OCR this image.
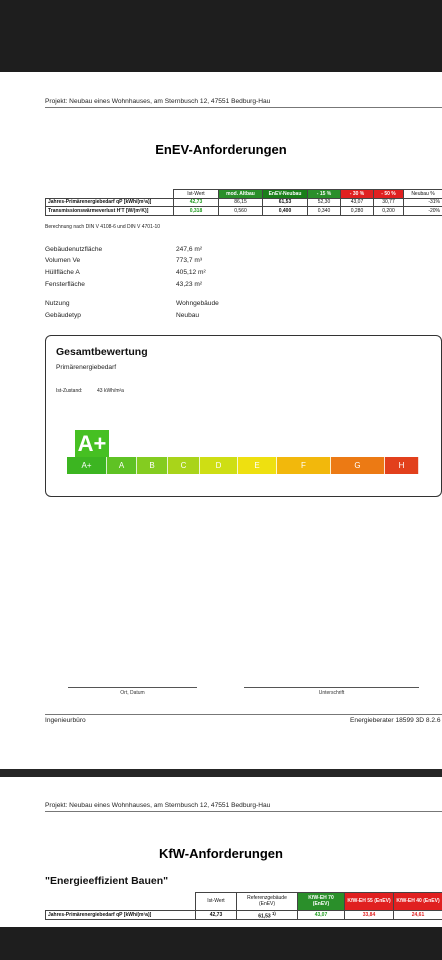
Projekt: Neubau eines Wohnhauses, am Sternbusch 12, 47551 Bedburg-Hau
EnEV-Anforderungen
	Ist-Wert	mod. Altbau	EnEV-Neubau	- 15 %	- 30 %	- 50 %	Neubau %
Jahres-Primärenergiebedarf qP [kWh/(m²a)]	42,73	86,15	61,53	52,30	43,07	30,77	-31%
Transmissionswärmeverlust H'T [W/(m²K)]	0,318	0,560	0,400	0,340	0,280	0,200	-20%
Berechnung nach DIN V 4108-6 und DIN V 4701-10
Gebäudenutzfläche	247,6 m²
Volumen Ve	773,7 m³
Hüllfläche A	405,12 m²
Fensterfläche	43,23 m²
Nutzung	Wohngebäude
Gebäudetyp	Neubau
Gesamtbewertung
Primärenergiebedarf
Ist-Zustand:	43 kWh/m²a
A+
A+	A	B	C	D	E	F	G	H
Ort, Datum	Unterschrift
Ingenieurbüro	Energieberater 18599 3D 8.2.6
Projekt: Neubau eines Wohnhauses, am Sternbusch 12, 47551 Bedburg-Hau
KfW-Anforderungen
"Energieeffizient Bauen"
	Ist-Wert	Referenzgebäude (EnEV)	KfW-EH 70 (EnEV)	KfW-EH 55 (EnEV)	KfW-EH 40 (EnEV)
Jahres-Primärenergiebedarf qP [kWh/(m²a)]	42,73	61,53 $^{1)}$	43,07	33,84	24,61
